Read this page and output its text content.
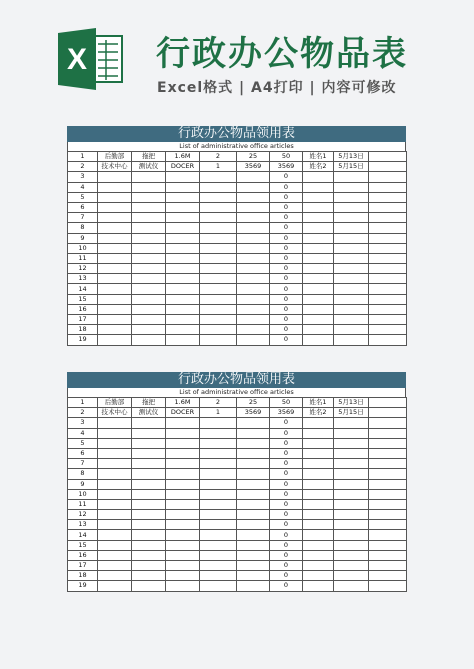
X 行政办公物品表
Excel格式 | A4打印 | 内容可修改
行政办公物品领用表
List of administrative office articles
1	后勤部	拖把	1.6M	2	25	50	姓名1	5月13日	
2	技术中心	测试仪	DOCER	1	3569	3569	姓名2	5月15日	
3						0			
4						0			
5						0			
6						0			
7						0			
8						0			
9						0			
10						0			
11						0			
12						0			
13						0			
14						0			
15						0			
16						0			
17						0			
18						0			
19						0			
行政办公物品领用表
List of administrative office articles
1	后勤部	拖把	1.6M	2	25	50	姓名1	5月13日	
2	技术中心	测试仪	DOCER	1	3569	3569	姓名2	5月15日	
3						0			
4						0			
5						0			
6						0			
7						0			
8						0			
9						0			
10						0			
11						0			
12						0			
13						0			
14						0			
15						0			
16						0			
17						0			
18						0			
19						0			
